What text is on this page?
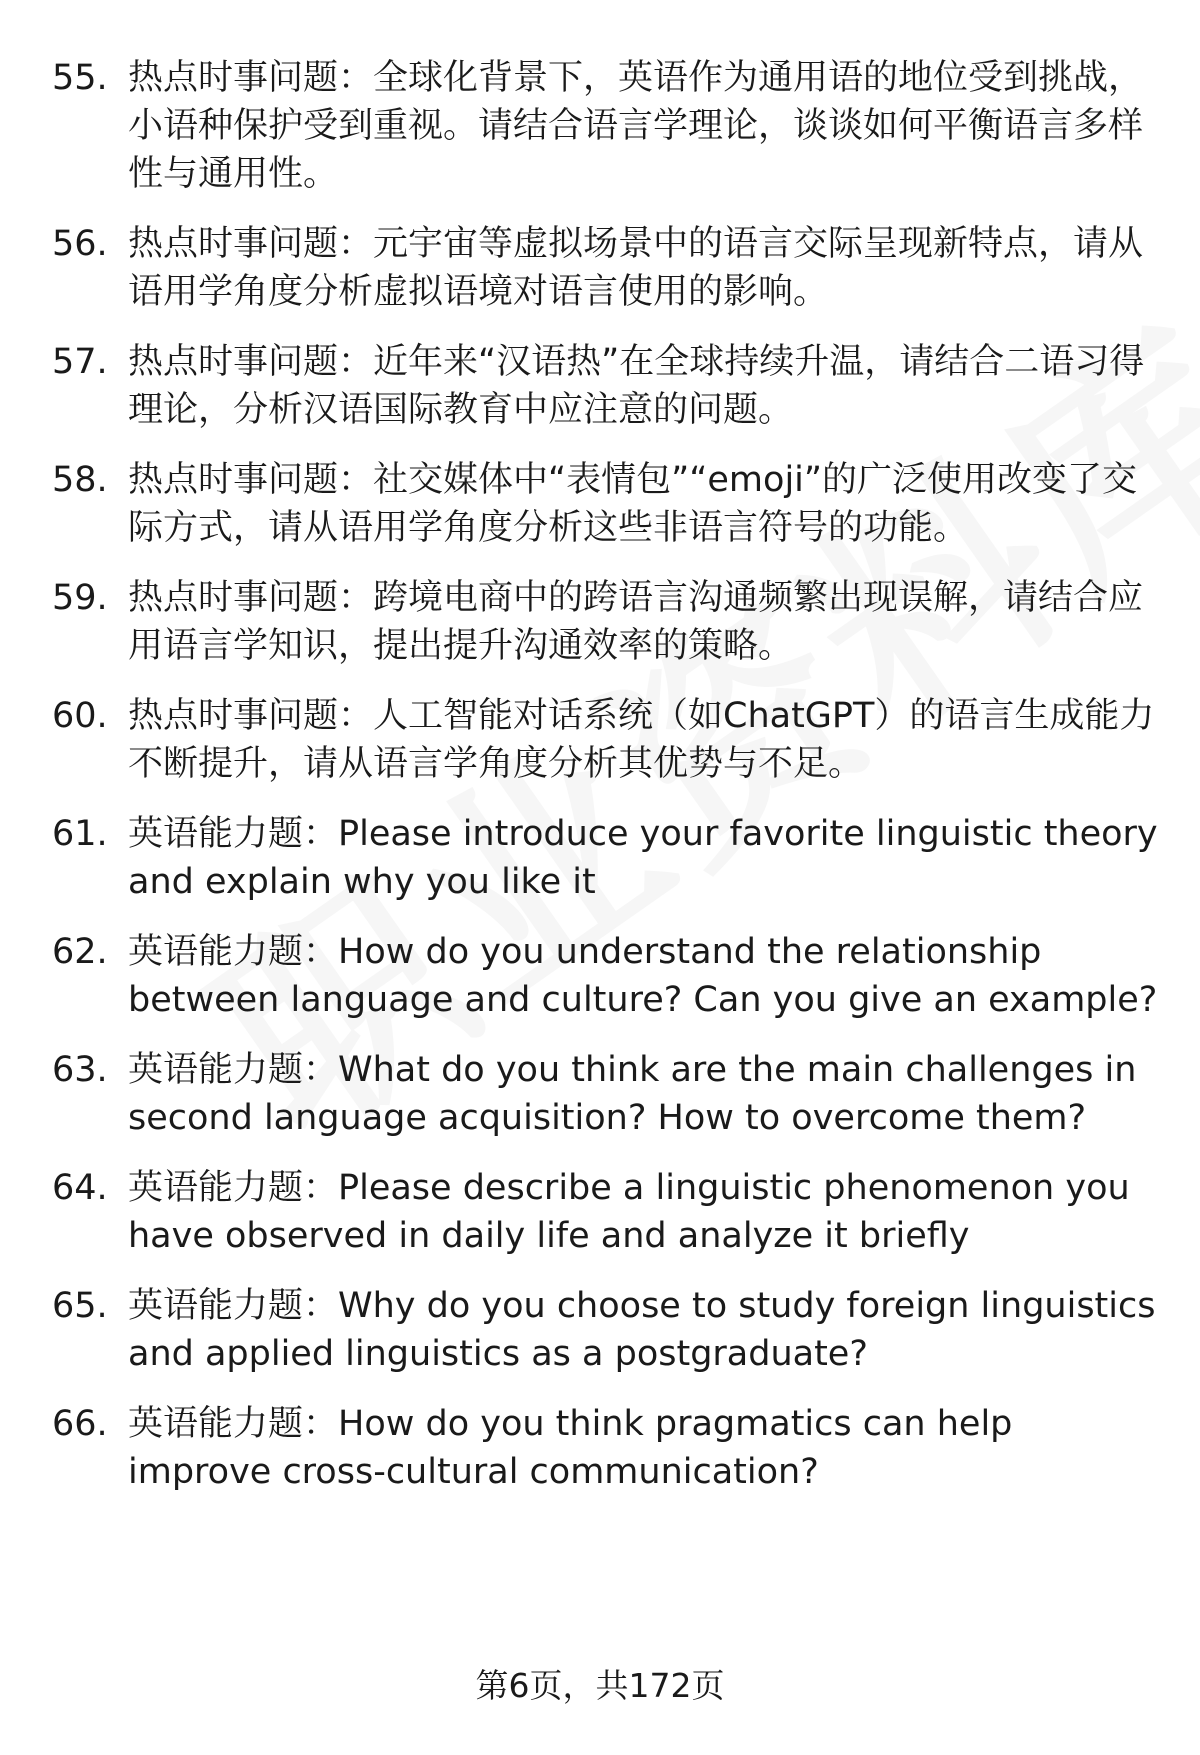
55. 热点时事问题：全球化背景下，英语作为通用语的地位受到挑战，小语种保护受到重视。请结合语言学理论，谈谈如何平衡语言多样性与通用性。
56. 热点时事问题：元宇宙等虚拟场景中的语言交际呈现新特点，请从语用学角度分析虚拟语境对语言使用的影响。
57. 热点时事问题：近年来“汉语热”在全球持续升温，请结合二语习得理论，分析汉语国际教育中应注意的问题。
58. 热点时事问题：社交媒体中“表情包”“emoji”的广泛使用改变了交际方式，请从语用学角度分析这些非语言符号的功能。
59. 热点时事问题：跨境电商中的跨语言沟通频繁出现误解，请结合应用语言学知识，提出提升沟通效率的策略。
60. 热点时事问题：人工智能对话系统（如ChatGPT）的语言生成能力不断提升，请从语言学角度分析其优势与不足。
61. 英语能力题：Please introduce your favorite linguistic theory and explain why you like it
62. 英语能力题：How do you understand the relationship between language and culture? Can you give an example?
63. 英语能力题：What do you think are the main challenges in second language acquisition? How to overcome them?
64. 英语能力题：Please describe a linguistic phenomenon you have observed in daily life and analyze it briefly
65. 英语能力题：Why do you choose to study foreign linguistics and applied linguistics as a postgraduate?
66. 英语能力题：How do you think pragmatics can help improve cross-cultural communication?
第6页，共172页
